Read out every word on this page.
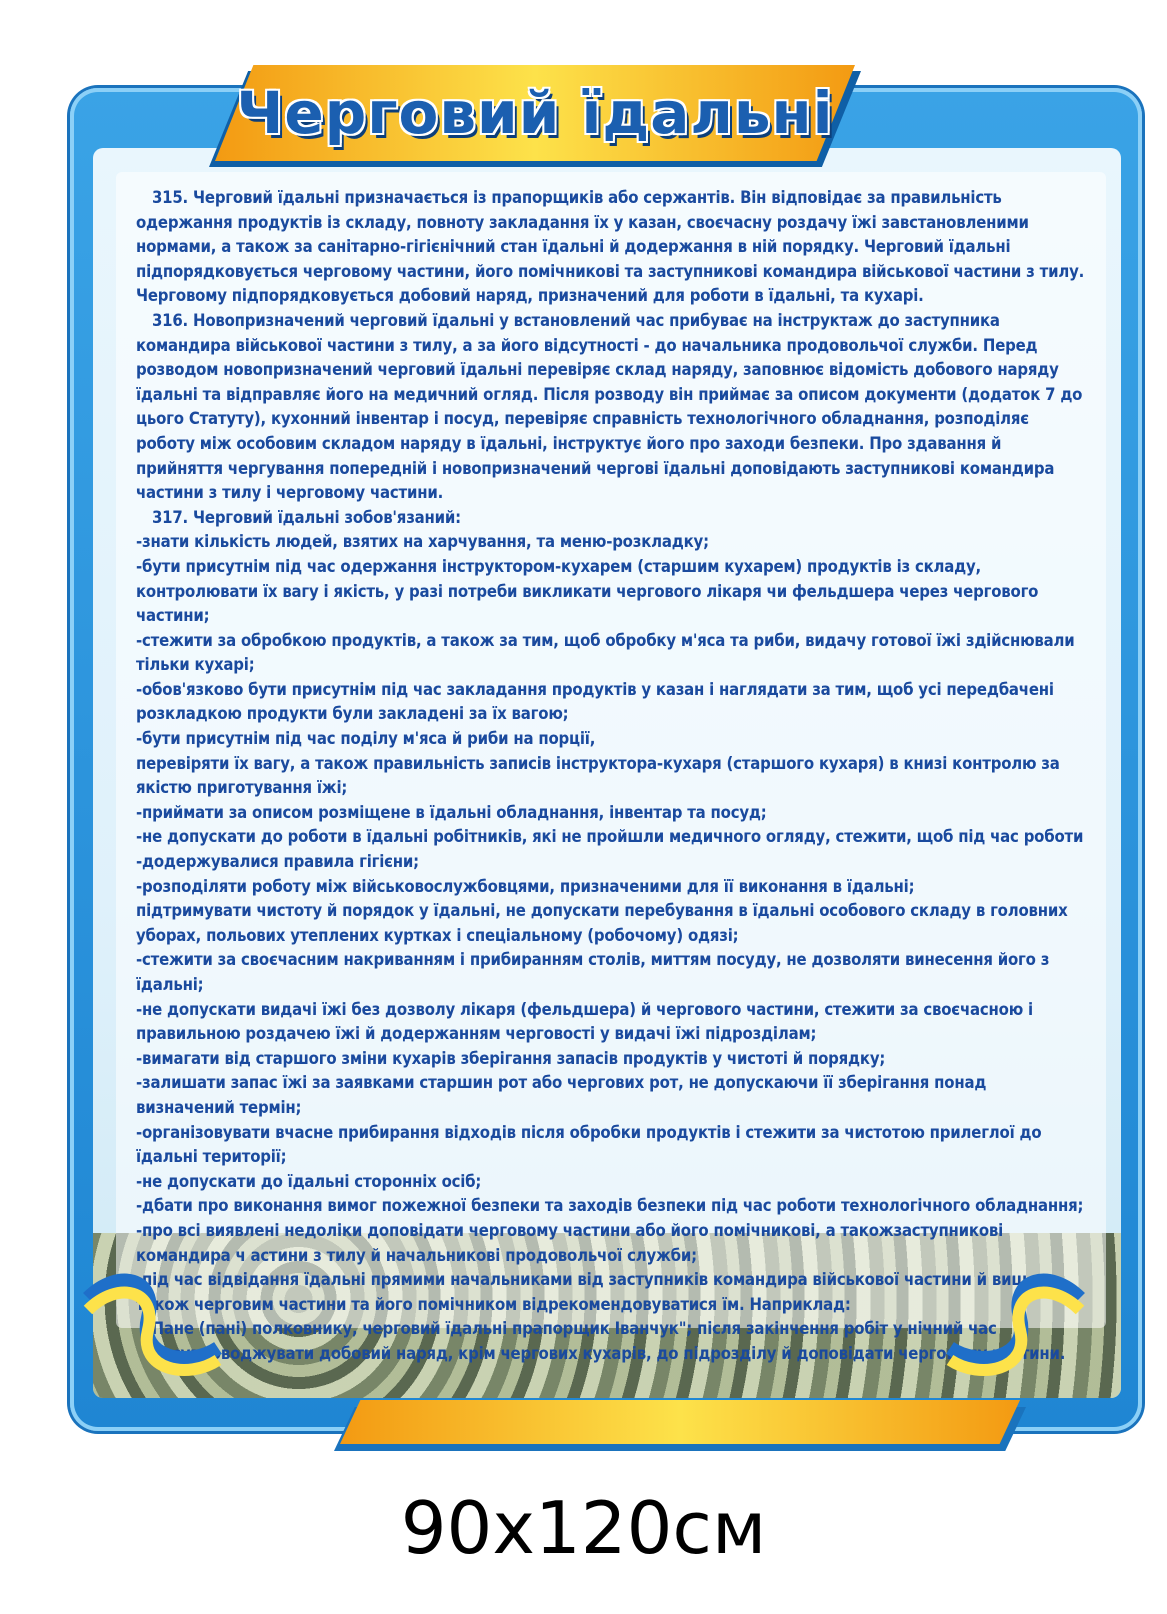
Черговий їдальні

315. Черговий їдальні призначається із прапорщиків або сержантів. Він відповідає за правильність одержання продуктів із складу, повноту закладання їх у казан, своєчасну роздачу їжі завстановленими нормами, а також за санітарно-гігієнічний стан їдальні й додержання в ній порядку. Черговий їдальні підпорядковується черговому частини, його помічникові та заступникові командира військової частини з тилу. Черговому підпорядковується добовий наряд, призначений для роботи в їдальні, та кухарі.

316. Новопризначений черговий їдальні у встановлений час прибуває на інструктаж до заступника командира військової частини з тилу, а за його відсутності - до начальника продовольчої служби. Перед розводом новопризначений черговий їдальні перевіряє склад наряду, заповнює відомість добового наряду їдальні та відправляє його на медичний огляд. Після розводу він приймає за описом документи (додаток 7 до цього Статуту), кухонний інвентар і посуд, перевіряє справність технологічного обладнання, розподіляє роботу між особовим складом наряду в їдальні, інструктує його про заходи безпеки. Про здавання й прийняття чергування попередній і новопризначений чергові їдальні доповідають заступникові командира частини з тилу і черговому частини.

317. Черговий їдальні зобов'язаний:

-знати кількість людей, взятих на харчування, та меню-розкладку;

-бути присутнім під час одержання інструктором-кухарем (старшим кухарем) продуктів із складу, контролювати їх вагу і якість, у разі потреби викликати чергового лікаря чи фельдшера через чергового частини;

-стежити за обробкою продуктів, а також за тим, щоб обробку м'яса та риби, видачу готової їжі здійснювали тільки кухарі;

-обов'язково бути присутнім під час закладання продуктів у казан і наглядати за тим, щоб усі передбачені розкладкою продукти були закладені за їх вагою;

-бути присутнім під час поділу м'яса й риби на порції,

перевіряти їх вагу, а також правильність записів інструктора-кухаря (старшого кухаря) в книзі контролю за якістю приготування їжі;

-приймати за описом розміщене в їдальні обладнання, інвентар та посуд;

-не допускати до роботи в їдальні робітників, які не пройшли медичного огляду, стежити, щоб під час роботи

-додержувалися правила гігієни;

-розподіляти роботу між військовослужбовцями, призначеними для її виконання в їдальні;

підтримувати чистоту й порядок у їдальні, не допускати перебування в їдальні особового складу в головних уборах, польових утеплених куртках і спеціальному (робочому) одязі;

-стежити за своєчасним накриванням і прибиранням столів, миттям посуду, не дозволяти винесення його з їдальні;

-не допускати видачі їжі без дозволу лікаря (фельдшера) й чергового частини, стежити за своєчасною і правильною роздачею їжі й додержанням черговості у видачі їжі підрозділам;

-вимагати від старшого зміни кухарів зберігання запасів продуктів у чистоті й порядку;

-залишати запас їжі за заявками старшин рот або чергових рот, не допускаючи її зберігання понад визначений термін;

-організовувати вчасне прибирання відходів після обробки продуктів і стежити за чистотою прилеглої до їдальні території;

-не допускати до їдальні сторонніх осіб;

-дбати про виконання вимог пожежної безпеки та заходів безпеки під час роботи технологічного обладнання;

-про всі виявлені недоліки доповідати черговому частини або його помічникові, а такожзаступникові командира ч астини з тилу й начальникові продовольчої служби;

-під час відвідання їдальні прямими начальниками від заступників командира військової частини й вище, а також черговим частини та його помічником відрекомендовуватися їм. Наприклад:

"Пане (пані) полковнику, черговий їдальні прапорщик Іванчук"; після закінчення робіт у нічний час

супроводжувати добовий наряд, крім чергових кухарів, до підрозділу й доповідати черговому частини.

90х120см
